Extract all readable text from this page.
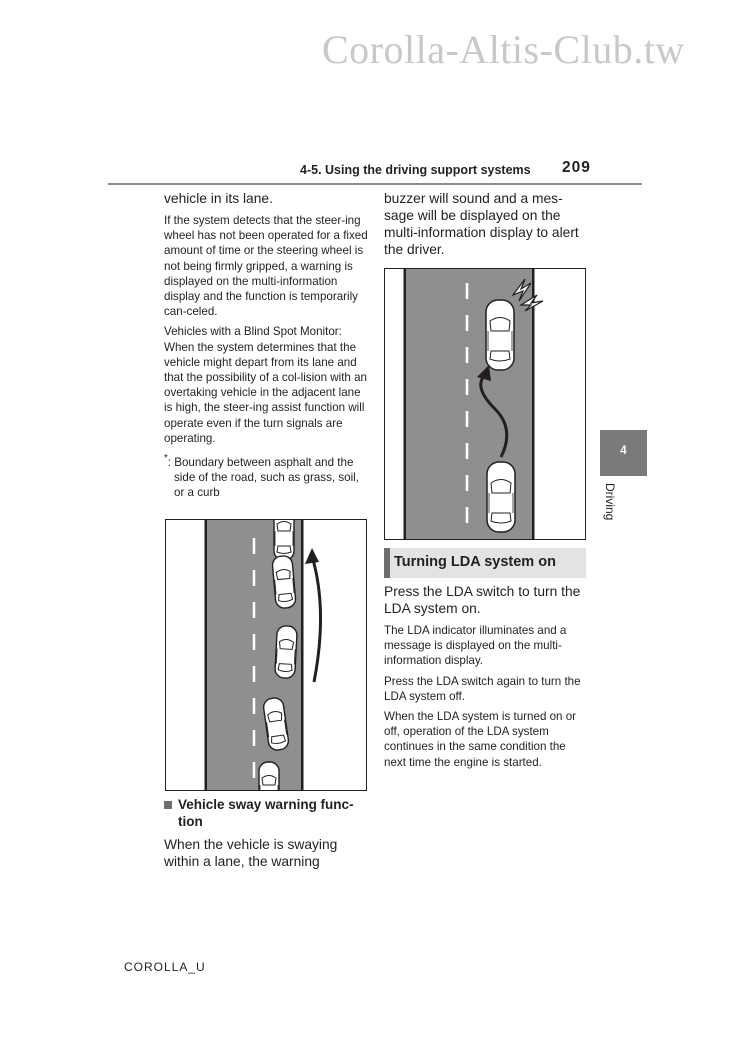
Corolla-Altis-Club.tw
4-5. Using the driving support systems 209

vehicle in its lane.

If the system detects that the steer-ing wheel has not been operated for a fixed amount of time or the steering wheel is not being firmly gripped, a warning is displayed on the multi-information display and the function is temporarily can-celed.

Vehicles with a Blind Spot Monitor: When the system determines that the vehicle might depart from its lane and that the possibility of a col-lision with an overtaking vehicle in the adjacent lane is high, the steer-ing assist function will operate even if the turn signals are operating.

*: Boundary between asphalt and the side of the road, such as grass, soil, or a curb

Vehicle sway warning func-tion

When the vehicle is swaying within a lane, the warning

buzzer will sound and a mes-sage will be displayed on the multi-information display to alert the driver.

Turning LDA system on

Press the LDA switch to turn the LDA system on.

The LDA indicator illuminates and a message is displayed on the multi-information display.

Press the LDA switch again to turn the LDA system off.

When the LDA system is turned on or off, operation of the LDA system continues in the same condition the next time the engine is started.

4
Driving
COROLLA_U
